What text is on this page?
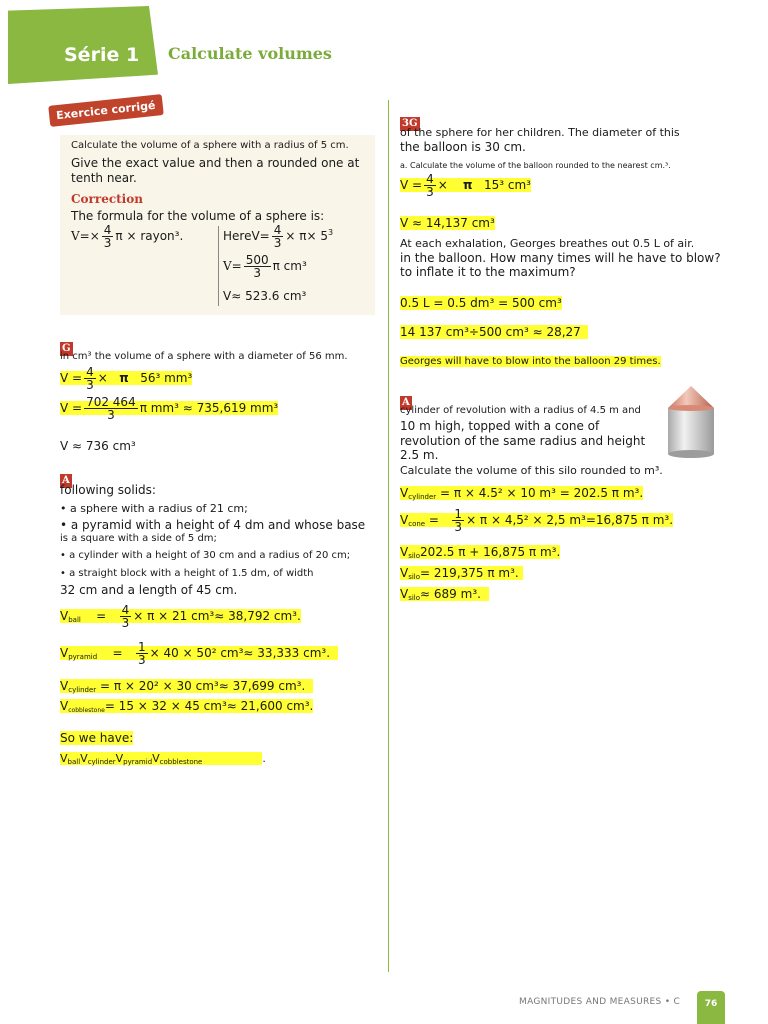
Série 1 Calculate volumes
Exercice corrigé
Calculate the volume of a sphere with a radius of 5 cm.
Give the exact value and then a rounded one at
tenth near.
Correction
The formula for the volume of a sphere is:
$V=\times \frac{4}{3}$ π × rayon³.	HereV= $\frac{4}{3} \times \pi\times 5^3$
$V= \frac{500}{3}$ π cm³
V≈ 523.6 cm³
G
in cm³ the volume of a sphere with a diameter of 56 mm.
$V = \frac{4}{3} \times \pi$ 56³ mm³
$V = \frac{702 464}{3}$ π mm³ ≈ 735,619 mm³
V ≈ 736 cm³
A
following solids:
• a sphere with a radius of 21 cm;
• a pyramid with a height of 4 dm and whose base
is a square with a side of 5 dm;
• a cylinder with a height of 30 cm and a radius of 20 cm;
• a straight block with a height of 1.5 dm, of width
32 cm and a length of 45 cm.
$V_{ball} = \frac{4}{3} \times \pi \times 21$ cm³≈ 38,792 cm³.
$V_{pyramid} = \frac{1}{3} \times 40 \times 50^2$ cm³≈ 33,333 cm³.
$V_{cylinder} = \pi \times 20^2 \times 30$ cm³≈ 37,699 cm³.
$V_{cobblestone}= 15 \times 32 \times 45$ cm³≈ 21,600 cm³.
So we have:
$V_{ball}V_{cylinder}V_{pyramid}V_{cobblestone}$	.
3G
of the sphere for her children. The diameter of this
the balloon is 30 cm.
a. Calculate the volume of the balloon rounded to the nearest cm.³.
$V = \frac{4}{3} \times \pi$ 15³ cm³
V ≈ 14,137 cm³
At each exhalation, Georges breathes out 0.5 L of air.
in the balloon. How many times will he have to blow?
to inflate it to the maximum?
0.5 L = 0.5 dm³ = 500 cm³
14 137 cm³÷500 cm³ ≈ 28,27
Georges will have to blow into the balloon 29 times.
A
cylinder of revolution with a radius of 4.5 m and
10 m high, topped with a cone of
revolution of the same radius and height
2.5 m.
Calculate the volume of this silo rounded to m³.
$V_{cylinder} = \pi \times 4.5^2 \times 10$ m³ = 202.5 π m³.
$V_{cone} = \frac{1}{3} \times \pi \times 4,5^2 \times 2,5$ m³=16,875 π m³.
$V_{silo}202.5$ π + 16,875 π m³.
$V_{silo}= 219,375$ π m³.
$V_{silo}\approx 689$ m³.
MAGNITUDES AND MEASURES • C	76
